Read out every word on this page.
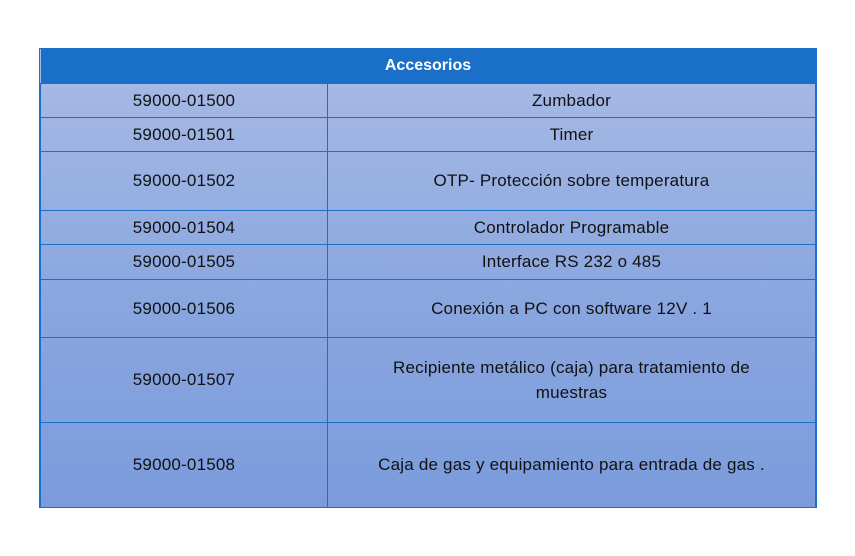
Accesorios	
59000-01500	Zumbador
59000-01501	Timer
59000-01502	OTP- Protección sobre temperatura
59000-01504	Controlador Programable
59000-01505	Interface RS 232 o 485
59000-01506	Conexión a PC con software 12V . 1
59000-01507	Recipiente metálico (caja) para tratamiento de muestras
59000-01508	Caja de gas y equipamiento para entrada de gas .
